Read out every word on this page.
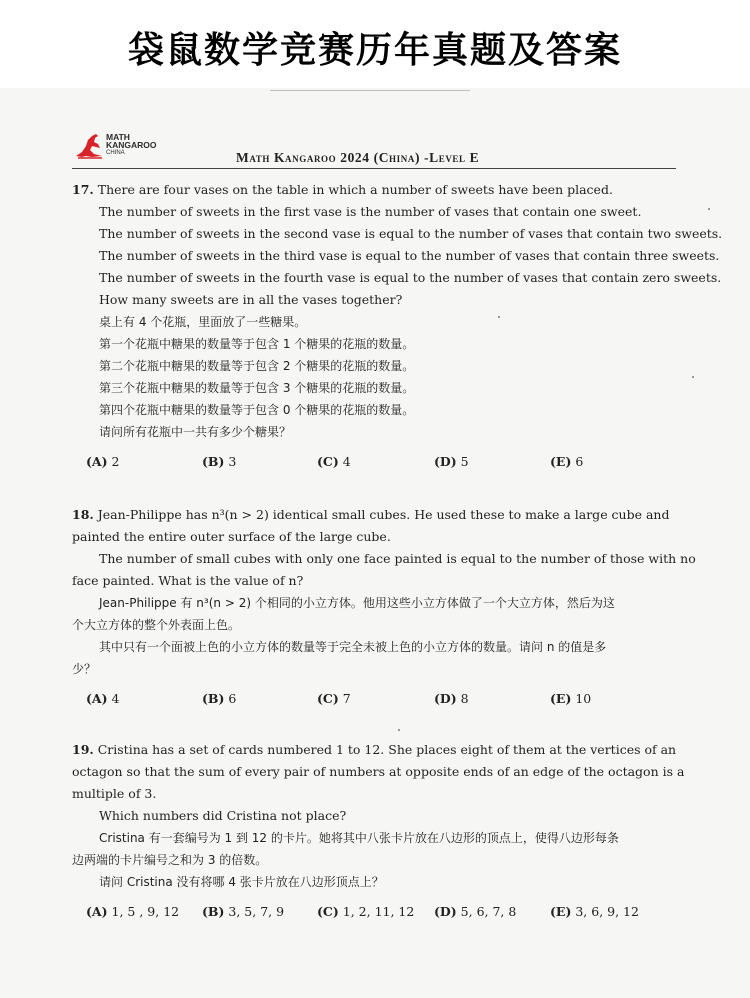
袋鼠数学竞赛历年真题及答案
MATH
KANGAROO
CHINA	Math Kangaroo 2024 (China) -Level E
17. There are four vases on the table in which a number of sweets have been placed.
The number of sweets in the first vase is the number of vases that contain one sweet.
The number of sweets in the second vase is equal to the number of vases that contain two sweets.
The number of sweets in the third vase is equal to the number of vases that contain three sweets.
The number of sweets in the fourth vase is equal to the number of vases that contain zero sweets.
How many sweets are in all the vases together?
桌上有 4 个花瓶，里面放了一些糖果。
第一个花瓶中糖果的数量等于包含 1 个糖果的花瓶的数量。
第二个花瓶中糖果的数量等于包含 2 个糖果的花瓶的数量。
第三个花瓶中糖果的数量等于包含 3 个糖果的花瓶的数量。
第四个花瓶中糖果的数量等于包含 0 个糖果的花瓶的数量。
请问所有花瓶中一共有多少个糖果？
(A) 2	(B) 3	(C) 4	(D) 5	(E) 6
18. Jean-Philippe has n³(n > 2) identical small cubes. He used these to make a large cube and
painted the entire outer surface of the large cube.
The number of small cubes with only one face painted is equal to the number of those with no
face painted. What is the value of n?
Jean-Philippe 有 n³(n > 2) 个相同的小立方体。他用这些小立方体做了一个大立方体，然后为这
个大立方体的整个外表面上色。
其中只有一个面被上色的小立方体的数量等于完全未被上色的小立方体的数量。请问 n 的值是多
少？
(A) 4	(B) 6	(C) 7	(D) 8	(E) 10
19. Cristina has a set of cards numbered 1 to 12. She places eight of them at the vertices of an
octagon so that the sum of every pair of numbers at opposite ends of an edge of the octagon is a
multiple of 3.
Which numbers did Cristina not place?
Cristina 有一套编号为 1 到 12 的卡片。她将其中八张卡片放在八边形的顶点上，使得八边形每条
边两端的卡片编号之和为 3 的倍数。
请问 Cristina 没有将哪 4 张卡片放在八边形顶点上？
(A) 1, 5 , 9, 12 (B) 3, 5, 7, 9	(C) 1, 2, 11, 12 (D) 5, 6, 7, 8	(E) 3, 6, 9, 12
